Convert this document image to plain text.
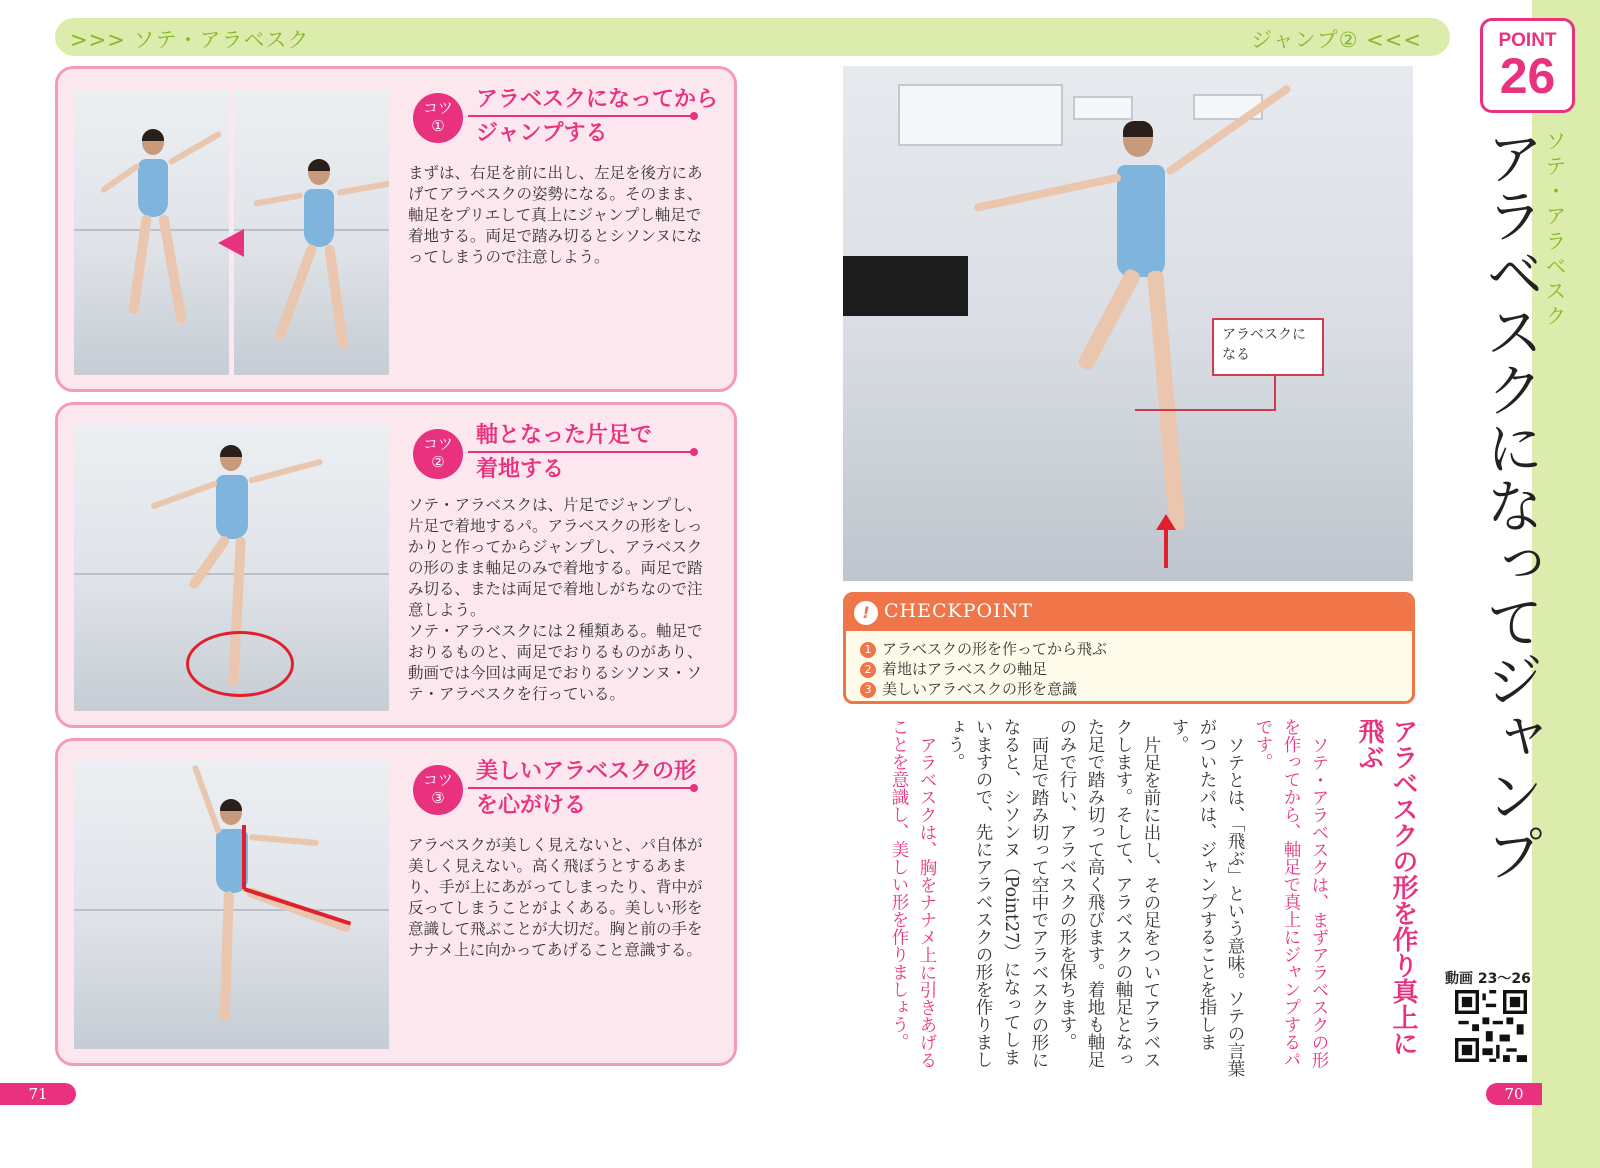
>>> ソテ・アラベスク	ジャンプ② <<<
ソテ・アラベスク
POINT
26
アラベスクになってジャンプ
コツ
①
アラベスクになってから
ジャンプする
まずは、右足を前に出し、左足を後方にあげてアラベスクの姿勢になる。そのまま、軸足をプリエして真上にジャンプし軸足で着地する。両足で踏み切るとシソンヌになってしまうので注意しよう。
コツ
②
軸となった片足で
着地する
ソテ・アラベスクは、片足でジャンプし、片足で着地するパ。アラベスクの形をしっかりと作ってからジャンプし、アラベスクの形のまま軸足のみで着地する。両足で踏み切る、または両足で着地しがちなので注意しよう。
ソテ・アラベスクには２種類ある。軸足でおりるものと、両足でおりるものがあり、動画では今回は両足でおりるシソンヌ・ソテ・アラベスクを行っている。
コツ
③
美しいアラベスクの形
を心がける
アラベスクが美しく見えないと、パ自体が美しく見えない。高く飛ぼうとするあまり、手が上にあがってしまったり、背中が反ってしまうことがよくある。美しい形を意識して飛ぶことが大切だ。胸と前の手をナナメ上に向かってあげること意識する。
アラベスクになる
! CHECKPOINT
1 アラベスクの形を作ってから飛ぶ
2 着地はアラベスクの軸足
3 美しいアラベスクの形を意識
アラベスクの形を作り真上に飛ぶ

ソテ・アラベスクは、まずアラベスクの形を作ってから、軸足で真上にジャンプするパです。

ソテとは、「飛ぶ」という意味。ソテの言葉がついたパは、ジャンプすることを指します。

片足を前に出し、その足をついてアラベスクします。そして、アラベスクの軸足となった足で踏み切って高く飛びます。着地も軸足のみで行い、アラベスクの形を保ちます。

両足で踏み切って空中でアラベスクの形になると、シソンヌ（Point27）になってしまいますので、先にアラベスクの形を作りましょう。

アラベスクは、胸をナナメ上に引きあげることを意識し、美しい形を作りましょう。	動画 23～26
71	70
